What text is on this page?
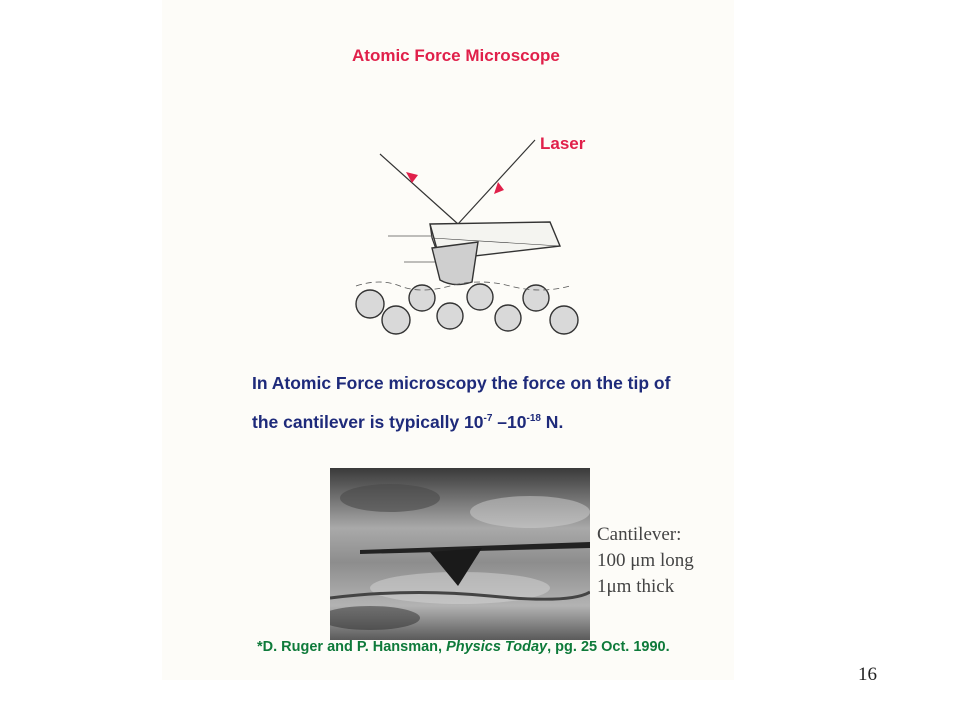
Atomic Force Microscope
Laser
In Atomic Force microscopy the force on the tip of
the cantilever is typically $10^{-7}$ $-10^{-18}$ N.
Cantilever:
100 μm long
1μm thick
*D. Ruger and P. Hansman, Physics Today, pg. 25 Oct. 1990.
16
